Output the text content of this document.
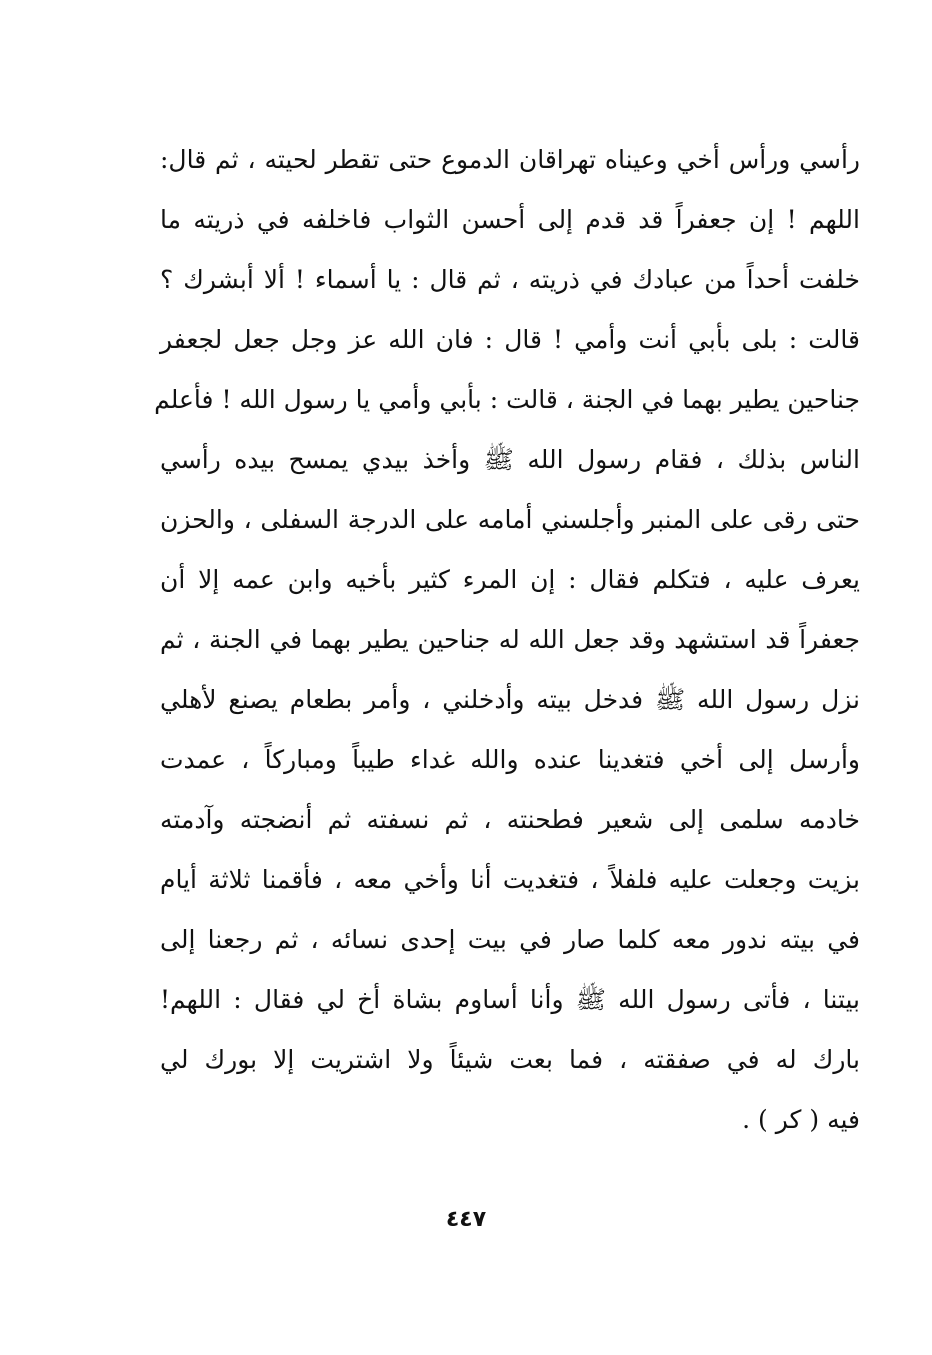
رأسي ورأس أخي وعيناه تهراقان الدموع حتى تقطر لحيته ، ثم قال:
اللهم ! إن جعفراً قد قدم إلى أحسن الثواب فاخلفه في ذريته ما
خلفت أحداً من عبادك في ذريته ، ثم قال : يا أسماء ! ألا أبشرك ؟
قالت : بلى بأبي أنت وأمي ! قال : فان الله عز وجل جعل لجعفر
جناحين يطير بهما في الجنة ، قالت : بأبي وأمي يا رسول الله ! فأعلم
الناس بذلك ، فقام رسول الله ﷺ وأخذ بيدي يمسح بيده رأسي
حتى رقى على المنبر وأجلسني أمامه على الدرجة السفلى ، والحزن
يعرف عليه ، فتكلم فقال : إن المرء كثير بأخيه وابن عمه إلا أن
جعفراً قد استشهد وقد جعل الله له جناحين يطير بهما في الجنة ، ثم
نزل رسول الله ﷺ فدخل بيته وأدخلني ، وأمر بطعام يصنع لأهلي
وأرسل إلى أخي فتغدينا عنده والله غداء طيباً ومباركاً ، عمدت
خادمه سلمى إلى شعير فطحنته ، ثم نسفته ثم أنضجته وآدمته
بزيت وجعلت عليه فلفلاً ، فتغديت أنا وأخي معه ، فأقمنا ثلاثة أيام
في بيته ندور معه كلما صار في بيت إحدى نسائه ، ثم رجعنا إلى
بيتنا ، فأتى رسول الله ﷺ وأنا أساوم بشاة أخ لي فقال : اللهم!
بارك له في صفقته ، فما بعت شيئاً ولا اشتريت إلا بورك لي
فيه ( كر ) .
٤٤٧
